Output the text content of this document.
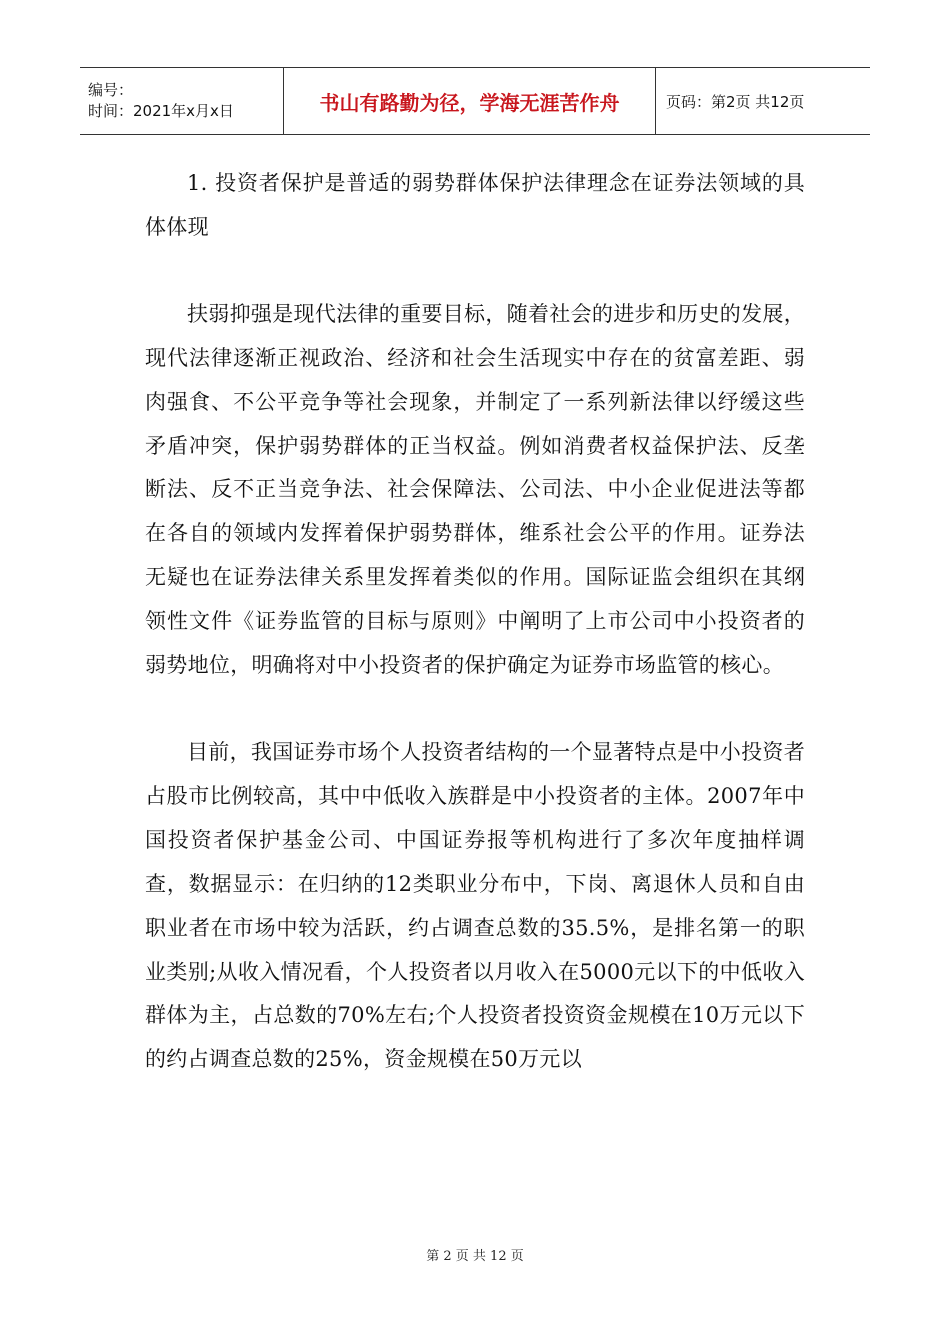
编号：
时间：2021年x月x日	书山有路勤为径，学海无涯苦作舟	页码：第2页 共12页

1. 投资者保护是普适的弱势群体保护法律理念在证券法领域的具体体现

扶弱抑强是现代法律的重要目标，随着社会的进步和历史的发展，现代法律逐渐正视政治、经济和社会生活现实中存在的贫富差距、弱肉强食、不公平竞争等社会现象，并制定了一系列新法律以纾缓这些矛盾冲突，保护弱势群体的正当权益。例如消费者权益保护法、反垄断法、反不正当竞争法、社会保障法、公司法、中小企业促进法等都在各自的领域内发挥着保护弱势群体，维系社会公平的作用。证券法无疑也在证券法律关系里发挥着类似的作用。国际证监会组织在其纲领性文件《证券监管的目标与原则》中阐明了上市公司中小投资者的弱势地位，明确将对中小投资者的保护确定为证券市场监管的核心。

目前，我国证券市场个人投资者结构的一个显著特点是中小投资者占股市比例较高，其中中低收入族群是中小投资者的主体。2007年中国投资者保护基金公司、中国证券报等机构进行了多次年度抽样调查，数据显示：在归纳的12类职业分布中，下岗、离退休人员和自由职业者在市场中较为活跃，约占调查总数的35.5%，是排名第一的职业类别;从收入情况看，个人投资者以月收入在5000元以下的中低收入群体为主，占总数的70%左右;个人投资者投资资金规模在10万元以下的约占调查总数的25%，资金规模在50万元以

第 2 页 共 12 页
